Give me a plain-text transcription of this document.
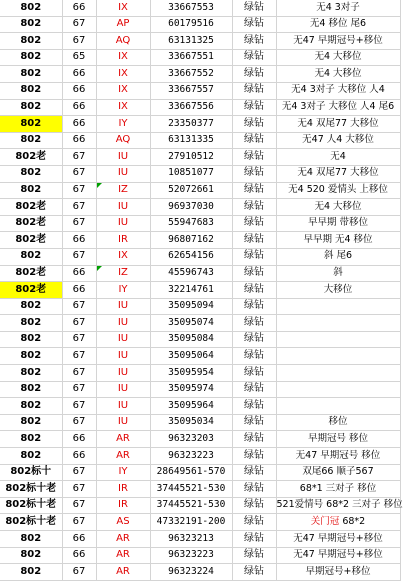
802	66	IX	33667553	绿钻	无4 3对子
802	67	AP	60179516	绿钻	无4 移位 尾6
802	67	AQ	63131325	绿钻	无47 早期冠号+移位
802	65	IX	33667551	绿钻	无4 大移位
802	66	IX	33667552	绿钻	无4 大移位
802	66	IX	33667557	绿钻	无4 3对子 大移位 人4
802	66	IX	33667556	绿钻	无4 3对子 大移位 人4 尾6
802	66	IY	23350377	绿钻	无4 双尾77 大移位
802	66	AQ	63131335	绿钻	无47 人4 大移位
802老	67	IU	27910512	绿钻	无4
802	67	IU	10851077	绿钻	无4 双尾77 大移位
802	67	IZ	52072661	绿钻	无4 520 爱情头 上移位
802老	67	IU	96937030	绿钻	无4 大移位
802老	67	IU	55947683	绿钻	早早期 带移位
802老	66	IR	96807162	绿钻	早早期 无4 移位
802	67	IX	62654156	绿钻	斜 尾6
802老	66	IZ	45596743	绿钻	斜
802老	66	IY	32214761	绿钻	大移位
802	67	IU	35095094	绿钻	
802	67	IU	35095074	绿钻	
802	67	IU	35095084	绿钻	
802	67	IU	35095064	绿钻	
802	67	IU	35095954	绿钻	
802	67	IU	35095974	绿钻	
802	67	IU	35095964	绿钻	
802	67	IU	35095034	绿钻	移位
802	66	AR	96323203	绿钻	早期冠号 移位
802	66	AR	96323223	绿钻	无47 早期冠号 移位
802标十	67	IY	28649561-570	绿钻	双尾66 顺子567
802标十老	67	IR	37445521-530	绿钻	68*1 三对子 移位
802标十老	67	IR	37445521-530	绿钻	521爱情号 68*2 三对子 移位
802标十老	67	AS	47332191-200	绿钻	关门冠 68*2
802	66	AR	96323213	绿钻	无47 早期冠号+移位
802	66	AR	96323223	绿钻	无47 早期冠号+移位
802	67	AR	96323224	绿钻	早期冠号+移位
